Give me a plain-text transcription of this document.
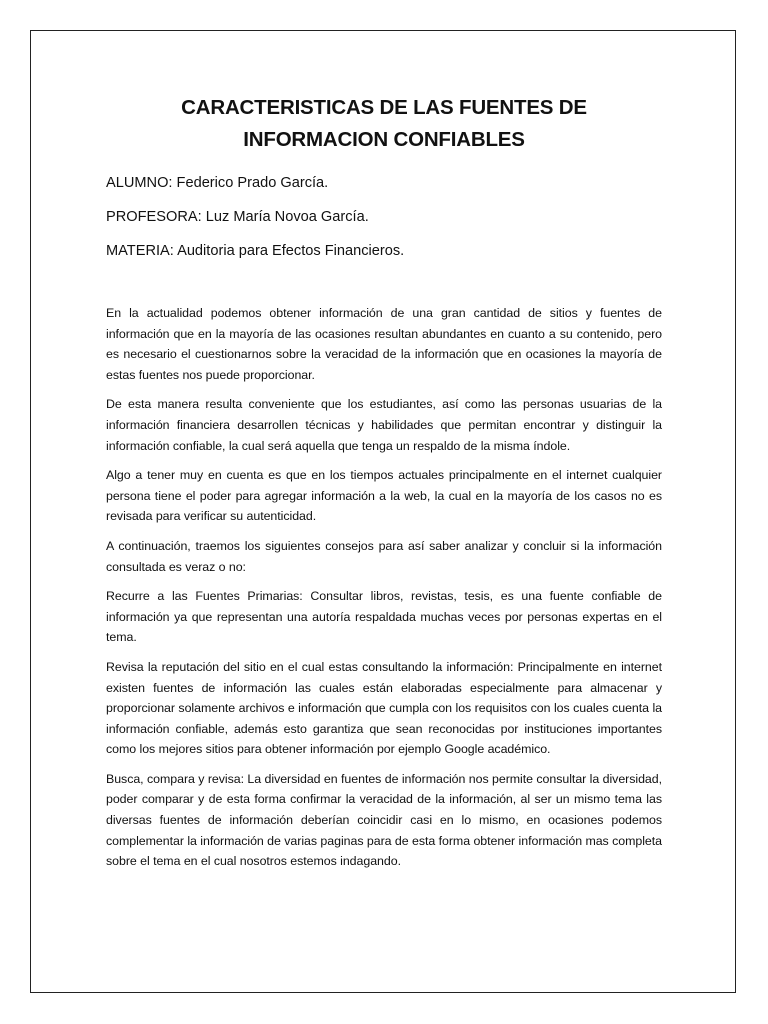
CARACTERISTICAS DE LAS FUENTES DE
INFORMACION CONFIABLES

ALUMNO: Federico Prado García.

PROFESORA: Luz María Novoa García.

MATERIA: Auditoria para Efectos Financieros.

En la actualidad podemos obtener información de una gran cantidad de sitios y fuentes de información que en la mayoría de las ocasiones resultan abundantes en cuanto a su contenido, pero es necesario el cuestionarnos sobre la veracidad de la información que en ocasiones la mayoría de estas fuentes nos puede proporcionar.

De esta manera resulta conveniente que los estudiantes, así como las personas usuarias de la información financiera desarrollen técnicas y habilidades que permitan encontrar y distinguir la información confiable, la cual será aquella que tenga un respaldo de la misma índole.

Algo a tener muy en cuenta es que en los tiempos actuales principalmente en el internet cualquier persona tiene el poder para agregar información a la web, la cual en la mayoría de los casos no es revisada para verificar su autenticidad.

A continuación, traemos los siguientes consejos para así saber analizar y concluir si la información consultada es veraz o no:

Recurre a las Fuentes Primarias: Consultar libros, revistas, tesis, es una fuente confiable de información ya que representan una autoría respaldada muchas veces por personas expertas en el tema.

Revisa la reputación del sitio en el cual estas consultando la información: Principalmente en internet existen fuentes de información las cuales están elaboradas especialmente para almacenar y proporcionar solamente archivos e información que cumpla con los requisitos con los cuales cuenta la información confiable, además esto garantiza que sean reconocidas por instituciones importantes como los mejores sitios para obtener información por ejemplo Google académico.

Busca, compara y revisa: La diversidad en fuentes de información nos permite consultar la diversidad, poder comparar y de esta forma confirmar la veracidad de la información, al ser un mismo tema las diversas fuentes de información deberían coincidir casi en lo mismo, en ocasiones podemos complementar la información de varias paginas para de esta forma obtener información mas completa sobre el tema en el cual nosotros estemos indagando.
